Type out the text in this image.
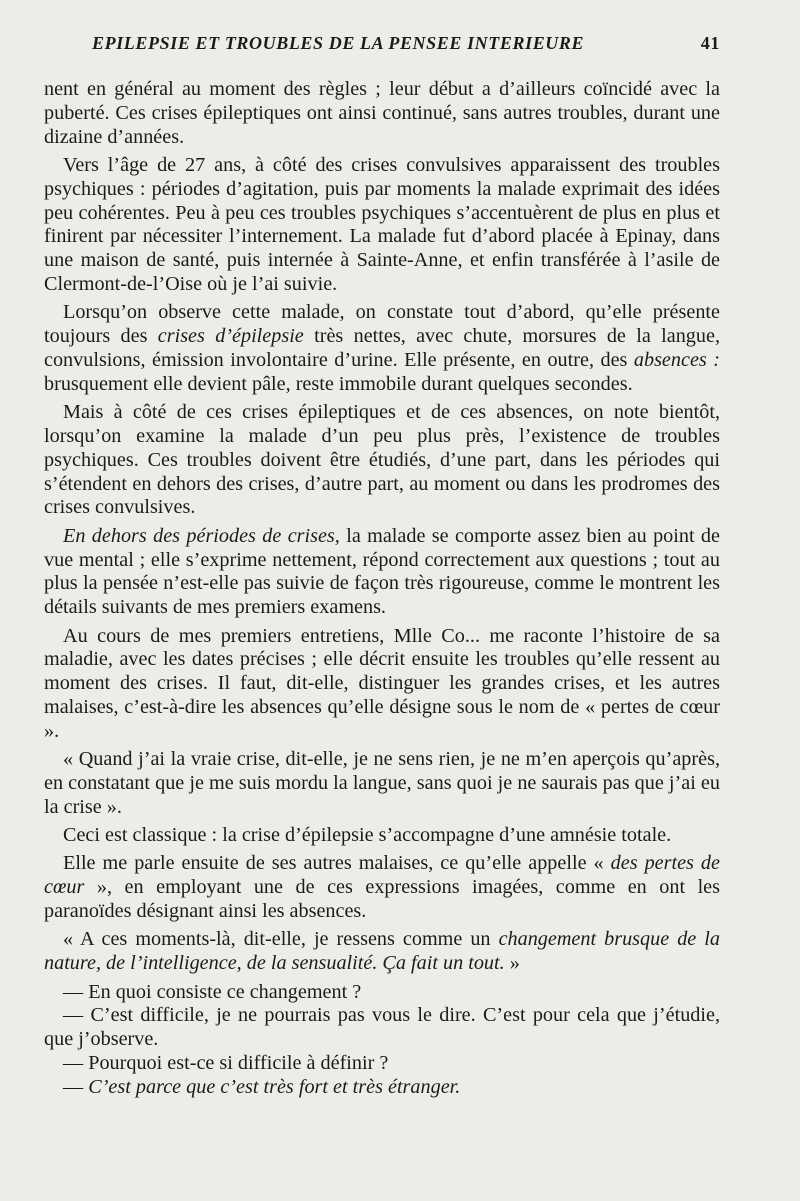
EPILEPSIE ET TROUBLES DE LA PENSEE INTERIEURE	41

nent en général au moment des règles ; leur début a d’ailleurs coïncidé avec la puberté. Ces crises épileptiques ont ainsi continué, sans autres troubles, durant une dizaine d’années.

Vers l’âge de 27 ans, à côté des crises convulsives apparaissent des troubles psychiques : périodes d’agitation, puis par moments la malade exprimait des idées peu cohérentes. Peu à peu ces troubles psychiques s’accentuèrent de plus en plus et finirent par nécessiter l’internement. La malade fut d’abord placée à Epinay, dans une maison de santé, puis internée à Sainte-Anne, et enfin transférée à l’asile de Clermont-de-l’Oise où je l’ai suivie.

Lorsqu’on observe cette malade, on constate tout d’abord, qu’elle présente toujours des crises d’épilepsie très nettes, avec chute, morsures de la langue, convulsions, émission involontaire d’urine. Elle présente, en outre, des absences : brusquement elle devient pâle, reste immobile durant quelques secondes.

Mais à côté de ces crises épileptiques et de ces absences, on note bientôt, lorsqu’on examine la malade d’un peu plus près, l’existence de troubles psychiques. Ces troubles doivent être étudiés, d’une part, dans les périodes qui s’étendent en dehors des crises, d’autre part, au moment ou dans les prodromes des crises convulsives.

En dehors des périodes de crises, la malade se comporte assez bien au point de vue mental ; elle s’exprime nettement, répond correctement aux questions ; tout au plus la pensée n’est-elle pas suivie de façon très rigoureuse, comme le montrent les détails suivants de mes premiers examens.

Au cours de mes premiers entretiens, Mlle Co... me raconte l’histoire de sa maladie, avec les dates précises ; elle décrit ensuite les troubles qu’elle ressent au moment des crises. Il faut, dit-elle, distinguer les grandes crises, et les autres malaises, c’est-à-dire les absences qu’elle désigne sous le nom de « pertes de cœur ».

« Quand j’ai la vraie crise, dit-elle, je ne sens rien, je ne m’en aperçois qu’après, en constatant que je me suis mordu la langue, sans quoi je ne saurais pas que j’ai eu la crise ».

Ceci est classique : la crise d’épilepsie s’accompagne d’une amnésie totale.

Elle me parle ensuite de ses autres malaises, ce qu’elle appelle « des pertes de cœur », en employant une de ces expressions imagées, comme en ont les paranoïdes désignant ainsi les absences.

« A ces moments-là, dit-elle, je ressens comme un changement brusque de la nature, de l’intelligence, de la sensualité. Ça fait un tout. »

— En quoi consiste ce changement ?

— C’est difficile, je ne pourrais pas vous le dire. C’est pour cela que j’étudie, que j’observe.

— Pourquoi est-ce si difficile à définir ?

— C’est parce que c’est très fort et très étranger.
